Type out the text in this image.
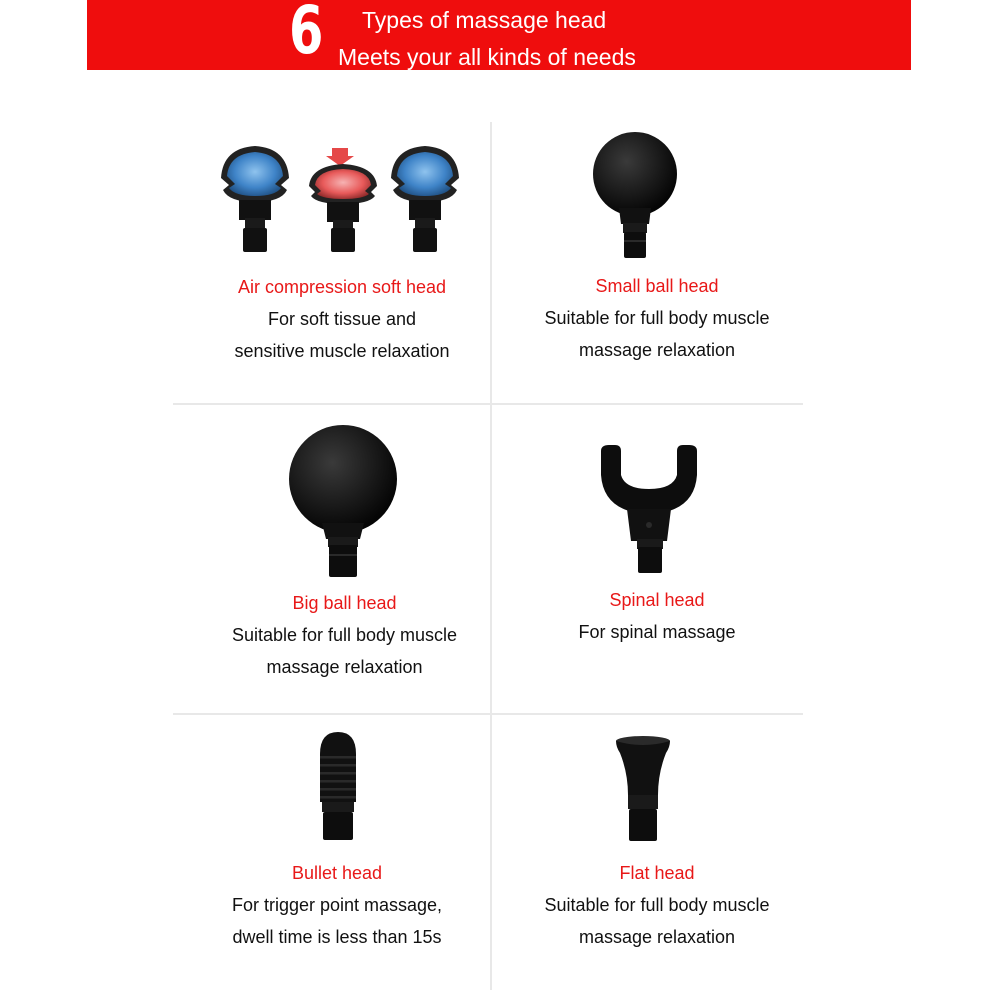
6 Types of massage head
Meets your all kinds of needs
Air compression soft head
For soft tissue and
sensitive muscle relaxation
Small ball head
Suitable for full body muscle
massage relaxation
Big ball head
Suitable for full body muscle
massage relaxation
Spinal head
For spinal massage
Bullet head
For trigger point massage,
dwell time is less than 15s
Flat head
Suitable for full body muscle
massage relaxation
